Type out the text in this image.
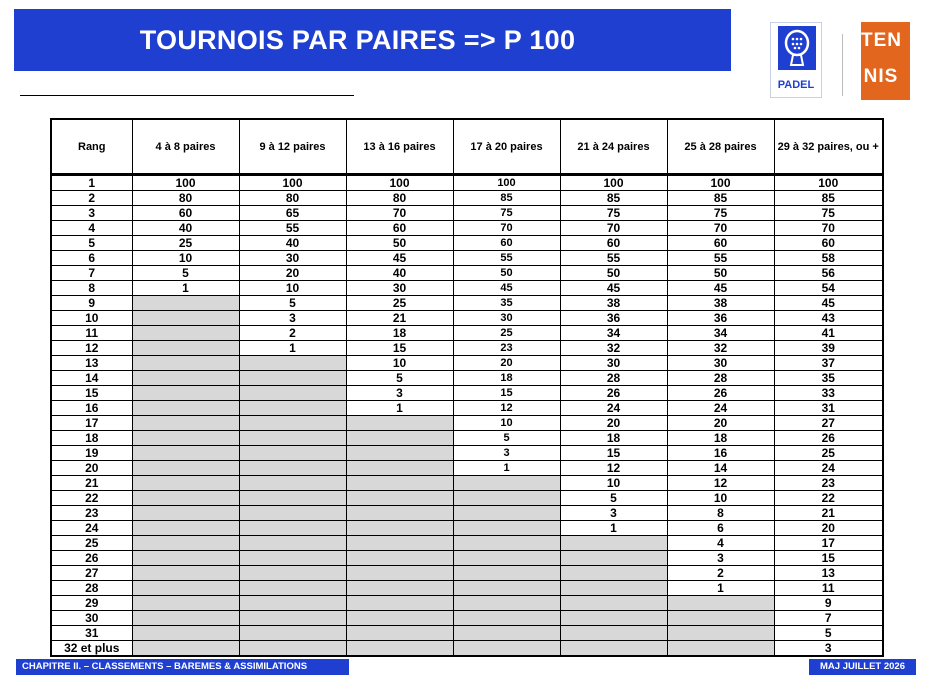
TOURNOIS PAR PAIRES => P 100
PADEL
TEN
NIS
Rang	4 à 8 paires	9 à 12 paires	13 à 16 paires	17 à 20 paires	21 à 24 paires	25 à 28 paires	29 à 32 paires, ou +
1	100	100	100	100	100	100	100
2	80	80	80	85	85	85	85
3	60	65	70	75	75	75	75
4	40	55	60	70	70	70	70
5	25	40	50	60	60	60	60
6	10	30	45	55	55	55	58
7	5	20	40	50	50	50	56
8	1	10	30	45	45	45	54
9		5	25	35	38	38	45
10		3	21	30	36	36	43
11		2	18	25	34	34	41
12		1	15	23	32	32	39
13			10	20	30	30	37
14			5	18	28	28	35
15			3	15	26	26	33
16			1	12	24	24	31
17				10	20	20	27
18				5	18	18	26
19				3	15	16	25
20				1	12	14	24
21					10	12	23
22					5	10	22
23					3	8	21
24					1	6	20
25						4	17
26						3	15
27						2	13
28						1	11
29							9
30							7
31							5
32 et plus							3
CHAPITRE II. – CLASSEMENTS – BAREMES & ASSIMILATIONS	MAJ JUILLET 2026
